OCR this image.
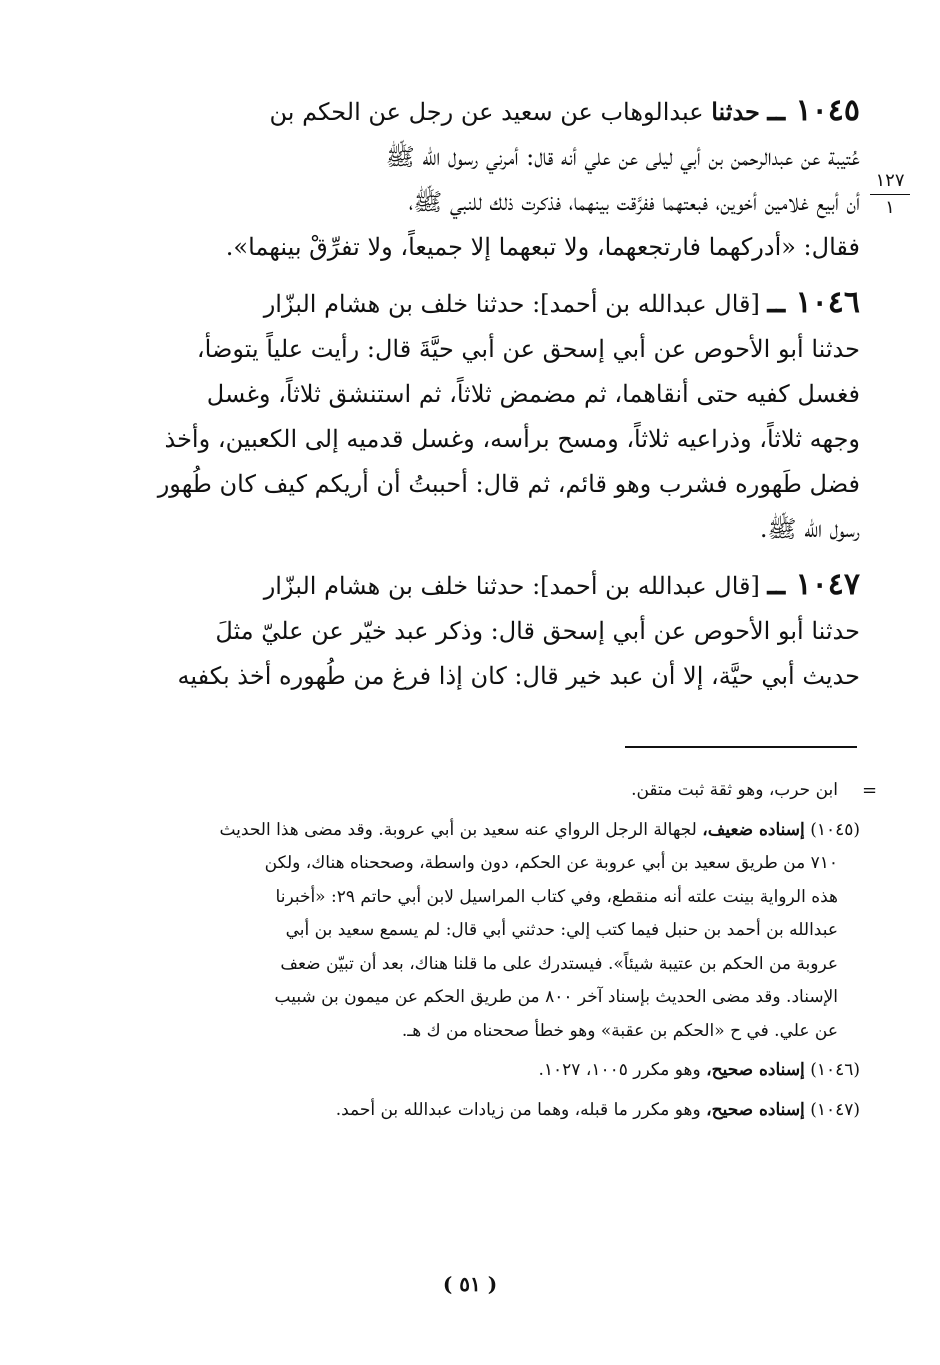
١٢٧
١

١٠٤٥ ــ حدثنا عبدالوهاب عن سعيد عن رجل عن الحكم بن
عُتيبة عن عبدالرحمن بن أبي ليلى عن علي أنه قال: أمرني رسول الله ﷺ
أن أبيع غلامين أخوين، فبعتهما ففرَّقت بينهما، فذكرت ذلك للنبي ﷺ،
فقال: «أدركهما فارتجعهما، ولا تبعهما إلا جميعاً، ولا تفرِّقْ بينهما».

١٠٤٦ ــ [قال عبدالله بن أحمد]: حدثنا خلف بن هشام البزّار
حدثنا أبو الأحوص عن أبي إسحق عن أبي حيَّةَ قال: رأيت علياً يتوضأ،
فغسل كفيه حتى أنقاهما، ثم مضمض ثلاثاً، ثم استنشق ثلاثاً، وغسل
وجهه ثلاثاً، وذراعيه ثلاثاً، ومسح برأسه، وغسل قدميه إلى الكعبين، وأخذ
فضل طَهوره فشرب وهو قائم، ثم قال: أحببتُ أن أريكم كيف كان طُهور
رسول الله ﷺ.

١٠٤٧ ــ [قال عبدالله بن أحمد]: حدثنا خلف بن هشام البزّار
حدثنا أبو الأحوص عن أبي إسحق قال: وذكر عبد خيّر عن عليّ مثلَ
حديث أبي حيَّة، إلا أن عبد خير قال: كان إذا فرغ من طُهوره أخذ بكفيه

=
ابن حرب، وهو ثقة ثبت متقن.
(١٠٤٥) إسناده ضعيف، لجهالة الرجل الرواي عنه سعيد بن أبي عروبة. وقد مضى هذا الحديث
٧١٠ من طريق سعيد بن أبي عروبة عن الحكم، دون واسطة، وصححناه هناك، ولكن
هذه الرواية بينت علته أنه منقطع، وفي كتاب المراسيل لابن أبي حاتم ٢٩: «أخبرنا
عبدالله بن أحمد بن حنبل فيما كتب إلي: حدثني أبي قال: لم يسمع سعيد بن أبي
عروبة من الحكم بن عتيبة شيئاً». فيستدرك على ما قلنا هناك، بعد أن تبيّن ضعف
الإسناد. وقد مضى الحديث بإسناد آخر ٨٠٠ من طريق الحكم عن ميمون بن شبيب
عن علي. في ح «الحكم بن عقبة» وهو خطأ صححناه من ك هـ.
(١٠٤٦) إسناده صحيح، وهو مكرر ١٠٠٥، ١٠٢٧.
(١٠٤٧) إسناده صحيح، وهو مكرر ما قبله، وهما من زيادات عبدالله بن أحمد.
( ٥١ )
